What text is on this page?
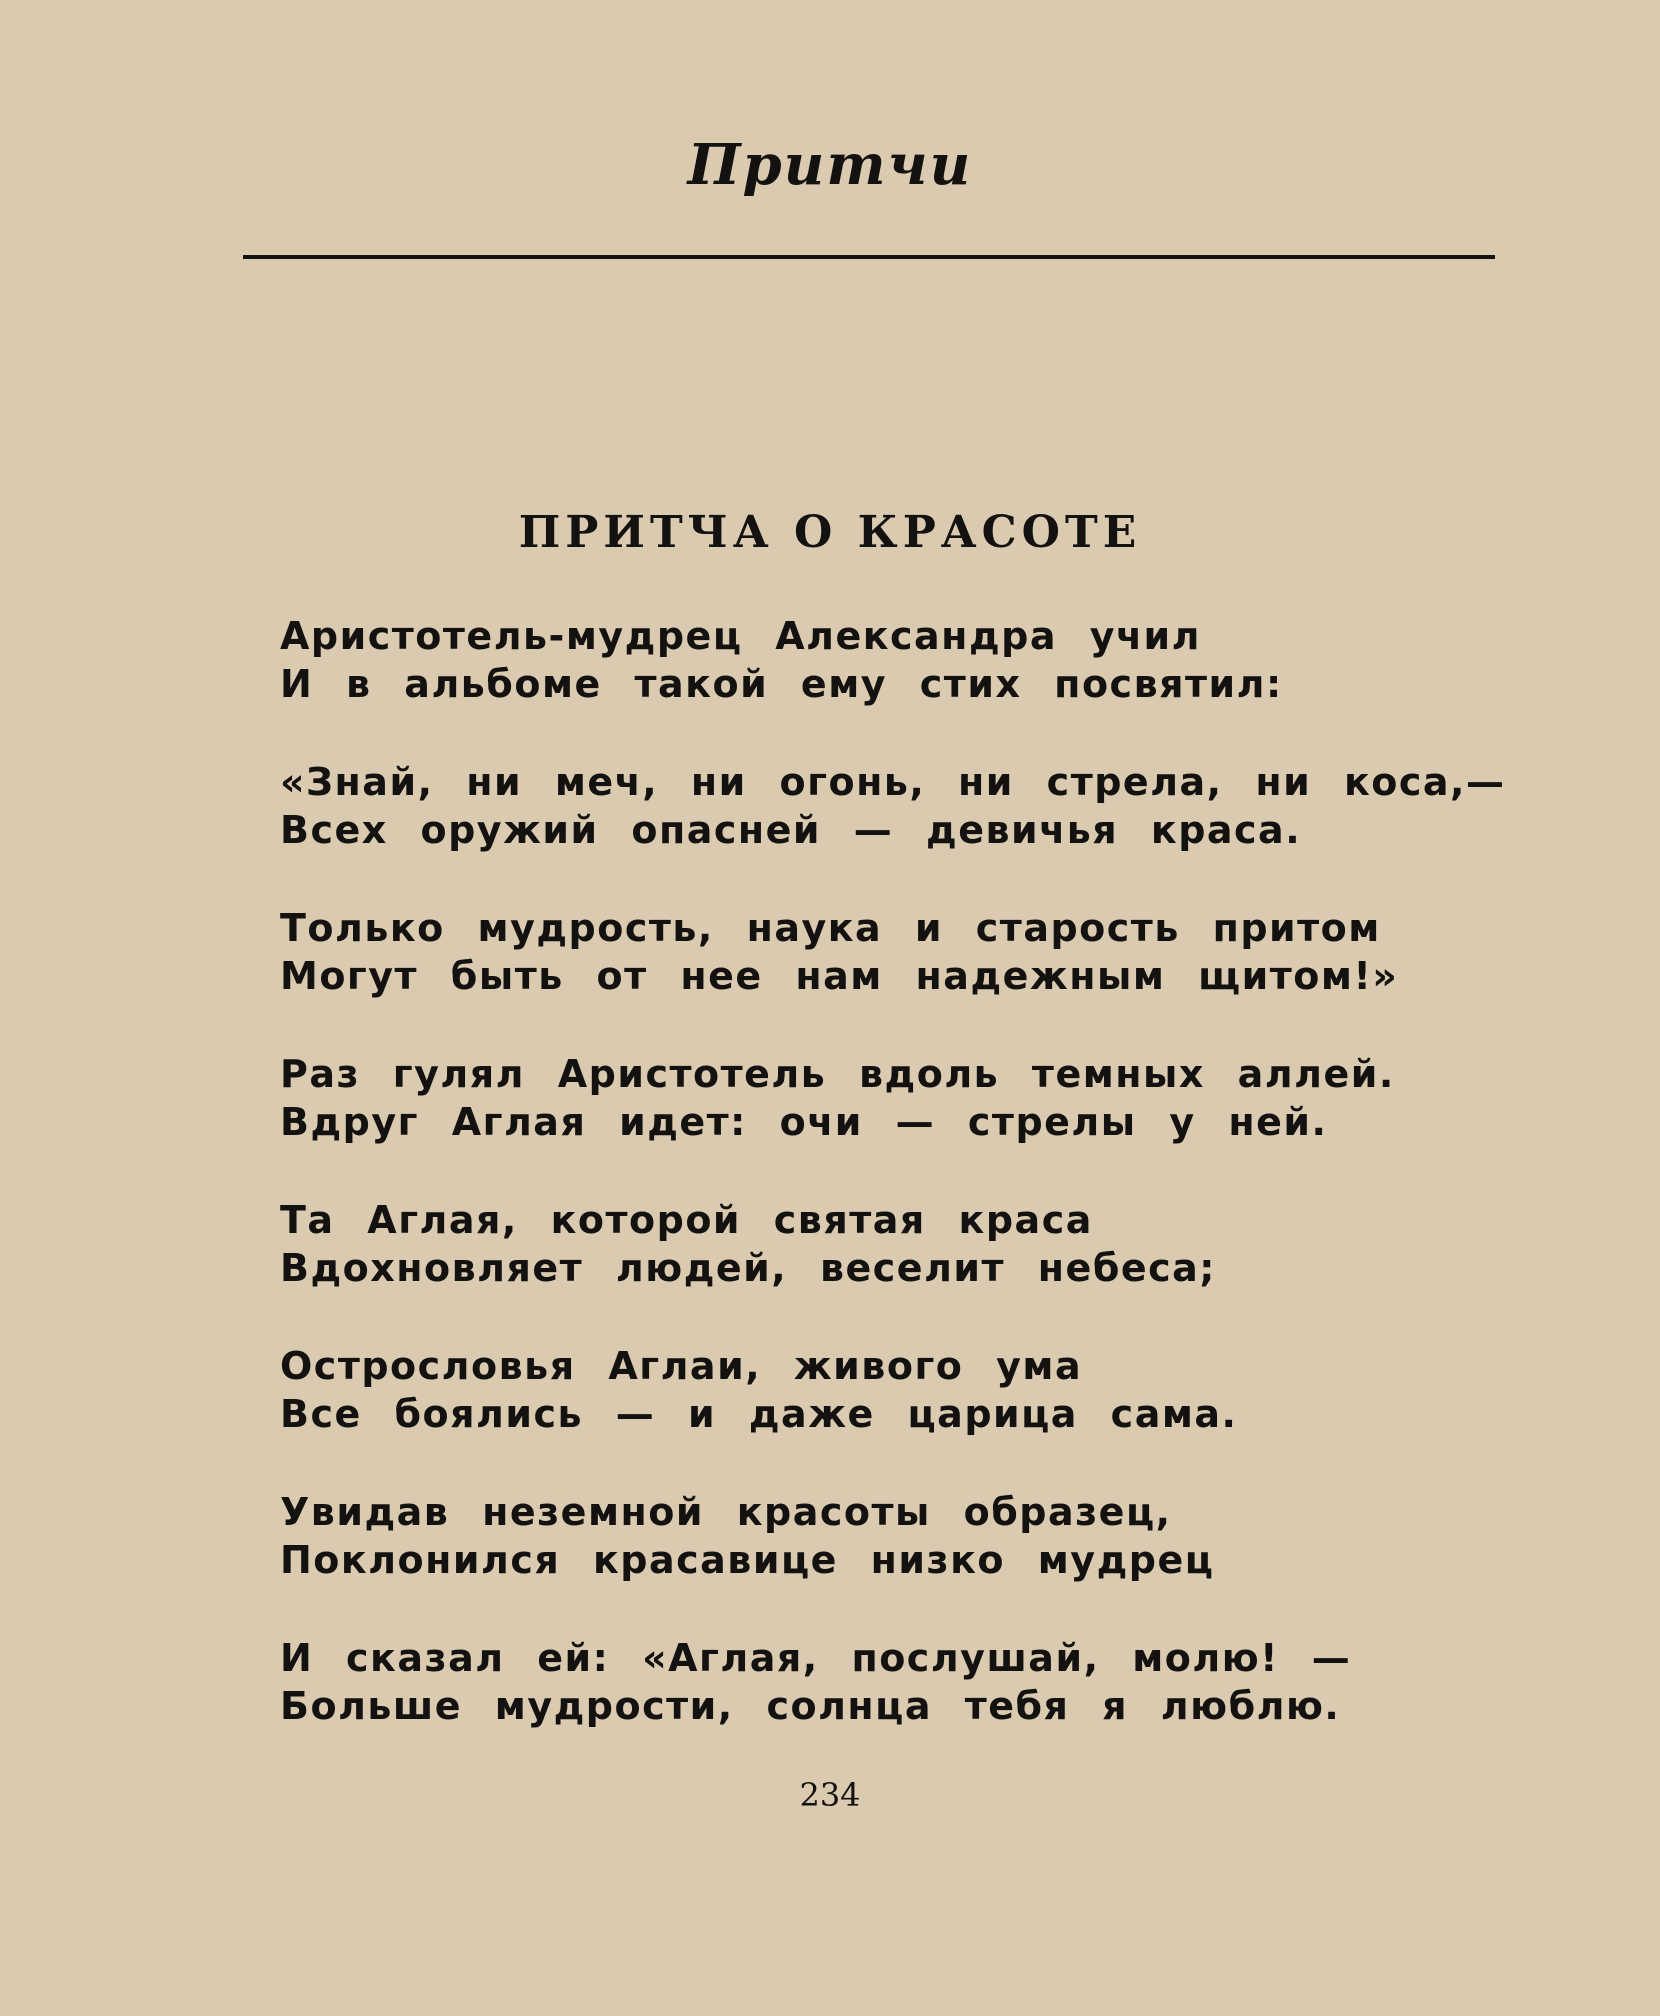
Притчи
ПРИТЧА О КРАСОТЕ
Аристотель-мудрец Александра учил
И в альбоме такой ему стих посвятил:
«Знай, ни меч, ни огонь, ни стрела, ни коса,—
Всех оружий опасней — девичья краса.
Только мудрость, наука и старость притом
Могут быть от нее нам надежным щитом!»
Раз гулял Аристотель вдоль темных аллей.
Вдруг Аглая идет: очи — стрелы у ней.
Та Аглая, которой святая краса
Вдохновляет людей, веселит небеса;
Острословья Аглаи, живого ума
Все боялись — и даже царица сама.
Увидав неземной красоты образец,
Поклонился красавице низко мудрец
И сказал ей: «Аглая, послушай, молю! —
Больше мудрости, солнца тебя я люблю.
234
